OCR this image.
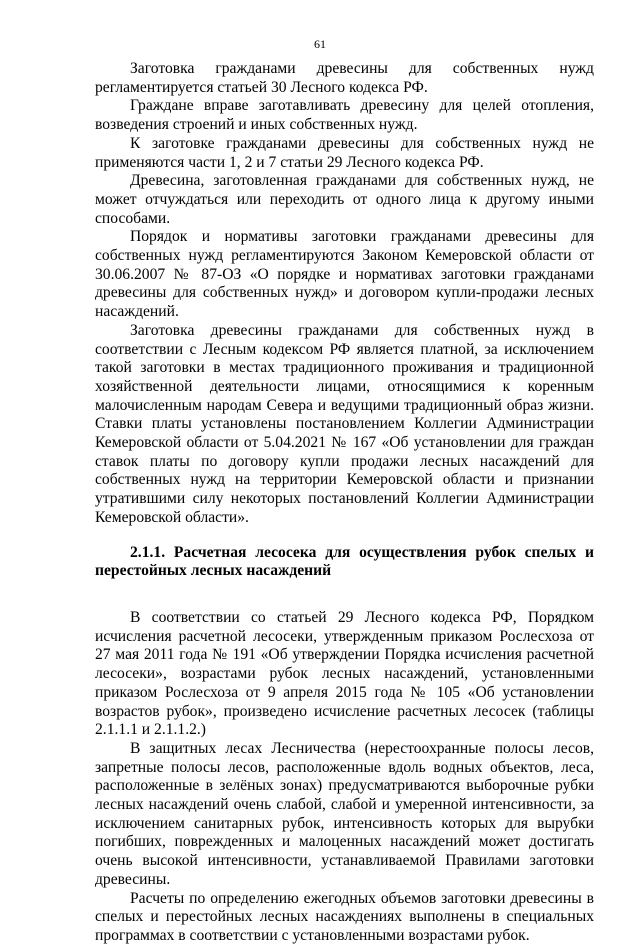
61

Заготовка гражданами древесины для собственных нужд регламентируется статьей 30 Лесного кодекса РФ.

Граждане вправе заготавливать древесину для целей отопления, возведения строений и иных собственных нужд.

К заготовке гражданами древесины для собственных нужд не применяются части 1, 2 и 7 статьи 29 Лесного кодекса РФ.

Древесина, заготовленная гражданами для собственных нужд, не может отчуждаться или переходить от одного лица к другому иными способами.

Порядок и нормативы заготовки гражданами древесины для собственных нужд регламентируются Законом Кемеровской области от 30.06.2007 № 87-ОЗ «О порядке и нормативах заготовки гражданами древесины для собственных нужд» и договором купли-продажи лесных насаждений.

Заготовка древесины гражданами для собственных нужд в соответствии с Лесным кодексом РФ является платной, за исключением такой заготовки в местах традиционного проживания и традиционной хозяйственной деятельности лицами, относящимися к коренным малочисленным народам Севера и ведущими традиционный образ жизни. Ставки платы установлены постановлением Коллегии Администрации Кемеровской области от 5.04.2021 № 167 «Об установлении для граждан ставок платы по договору купли продажи лесных насаждений для собственных нужд на территории Кемеровской области и признании утратившими силу некоторых постановлений Коллегии Администрации Кемеровской области».

2.1.1. Расчетная лесосека для осуществления рубок спелых и перестойных лесных насаждений

В соответствии со статьей 29 Лесного кодекса РФ, Порядком исчисления расчетной лесосеки, утвержденным приказом Рослесхоза от 27 мая 2011 года № 191 «Об утверждении Порядка исчисления расчетной лесосеки», возрастами рубок лесных насаждений, установленными приказом Рослесхоза от 9 апреля 2015 года № 105 «Об установлении возрастов рубок», произведено исчисление расчетных лесосек (таблицы 2.1.1.1 и 2.1.1.2.)

В защитных лесах Лесничества (нерестоохранные полосы лесов, запретные полосы лесов, расположенные вдоль водных объектов, леса, расположенные в зелёных зонах) предусматриваются выборочные рубки лесных насаждений очень слабой, слабой и умеренной интенсивности, за исключением санитарных рубок, интенсивность которых для вырубки погибших, поврежденных и малоценных насаждений может достигать очень высокой интенсивности, устанавливаемой Правилами заготовки древесины.

Расчеты по определению ежегодных объемов заготовки древесины в спелых и перестойных лесных насаждениях выполнены в специальных программах в соответствии с установленными возрастами рубок.
